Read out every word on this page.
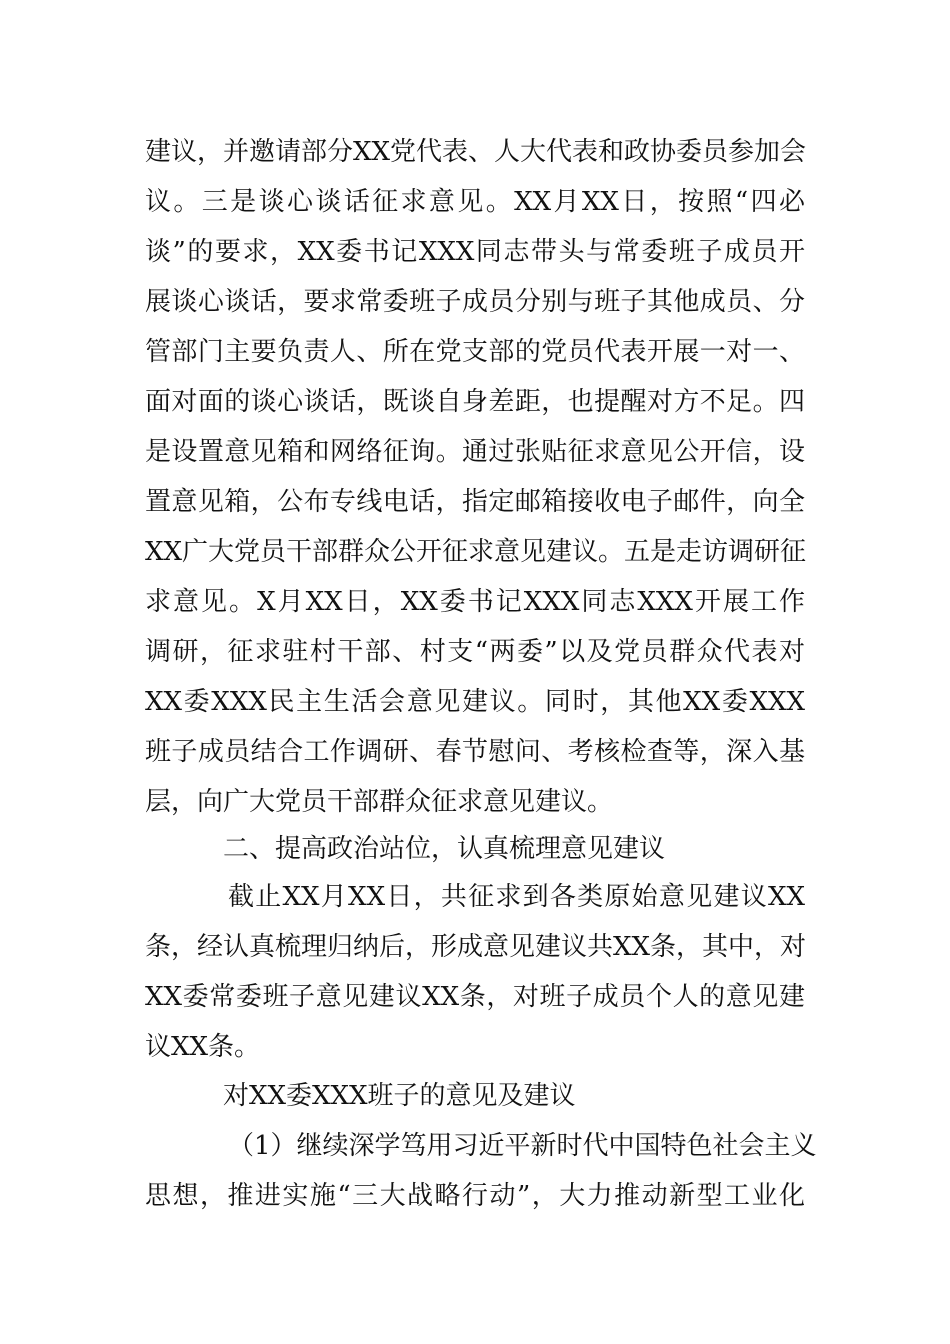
建议，并邀请部分XX党代表、人大代表和政协委员参加会
议。三是谈心谈话征求意见。XX月XX日，按照“四必
谈”的要求，XX委书记XXX同志带头与常委班子成员开
展谈心谈话，要求常委班子成员分别与班子其他成员、分
管部门主要负责人、所在党支部的党员代表开展一对一、
面对面的谈心谈话，既谈自身差距，也提醒对方不足。四
是设置意见箱和网络征询。通过张贴征求意见公开信，设
置意见箱，公布专线电话，指定邮箱接收电子邮件，向全
XX广大党员干部群众公开征求意见建议。五是走访调研征
求意见。X月XX日，XX委书记XXX同志XXX开展工作
调研，征求驻村干部、村支“两委”以及党员群众代表对
XX委XXX民主生活会意见建议。同时，其他XX委XXX
班子成员结合工作调研、春节慰问、考核检查等，深入基
层，向广大党员干部群众征求意见建议。
二、提高政治站位，认真梳理意见建议
截止XX月XX日，共征求到各类原始意见建议XX
条，经认真梳理归纳后，形成意见建议共XX条，其中，对
XX委常委班子意见建议XX条，对班子成员个人的意见建
议XX条。
对XX委XXX班子的意见及建议
（1）继续深学笃用习近平新时代中国特色社会主义
思想，推进实施“三大战略行动”，大力推动新型工业化
